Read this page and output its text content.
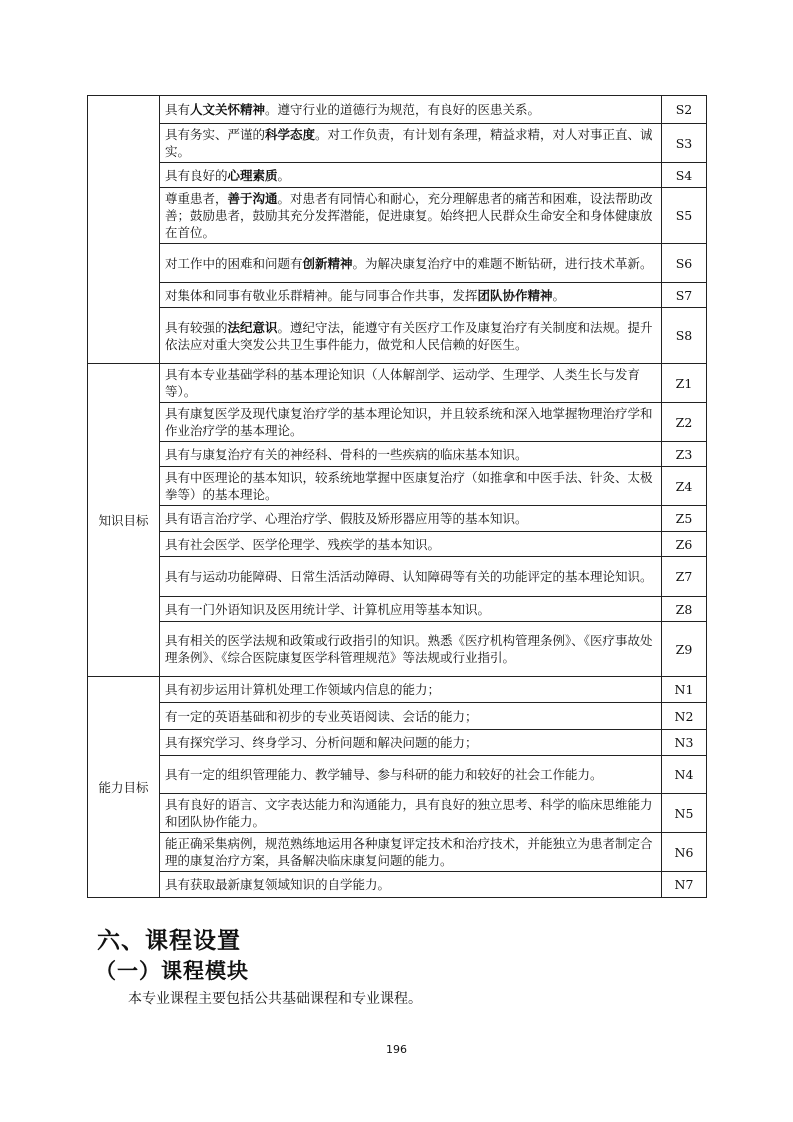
	具有人文关怀精神。遵守行业的道德行为规范，有良好的医患关系。	S2
	具有务实、严谨的科学态度。对工作负责，有计划有条理，精益求精，对人对事正直、诚实。	S3
	具有良好的心理素质。	S4
	尊重患者，善于沟通。对患者有同情心和耐心，充分理解患者的痛苦和困难，设法帮助改善；鼓励患者，鼓励其充分发挥潜能，促进康复。始终把人民群众生命安全和身体健康放在首位。	S5
	对工作中的困难和问题有创新精神。为解决康复治疗中的难题不断钻研，进行技术革新。	S6
	对集体和同事有敬业乐群精神。能与同事合作共事，发挥团队协作精神。	S7
	具有较强的法纪意识。遵纪守法，能遵守有关医疗工作及康复治疗有关制度和法规。提升依法应对重大突发公共卫生事件能力，做党和人民信赖的好医生。	S8
知识目标	具有本专业基础学科的基本理论知识（人体解剖学、运动学、生理学、人类生长与发育等）。	Z1
	具有康复医学及现代康复治疗学的基本理论知识，并且较系统和深入地掌握物理治疗学和作业治疗学的基本理论。	Z2
	具有与康复治疗有关的神经科、骨科的一些疾病的临床基本知识。	Z3
	具有中医理论的基本知识，较系统地掌握中医康复治疗（如推拿和中医手法、针灸、太极拳等）的基本理论。	Z4
	具有语言治疗学、心理治疗学、假肢及矫形器应用等的基本知识。	Z5
	具有社会医学、医学伦理学、残疾学的基本知识。	Z6
	具有与运动功能障碍、日常生活活动障碍、认知障碍等有关的功能评定的基本理论知识。	Z7
	具有一门外语知识及医用统计学、计算机应用等基本知识。	Z8
	具有相关的医学法规和政策或行政指引的知识。熟悉《医疗机构管理条例》、《医疗事故处理条例》、《综合医院康复医学科管理规范》等法规或行业指引。	Z9
能力目标	具有初步运用计算机处理工作领域内信息的能力；	N1
	有一定的英语基础和初步的专业英语阅读、会话的能力；	N2
	具有探究学习、终身学习、分析问题和解决问题的能力；	N3
	具有一定的组织管理能力、教学辅导、参与科研的能力和较好的社会工作能力。	N4
	具有良好的语言、文字表达能力和沟通能力，具有良好的独立思考、科学的临床思维能力和团队协作能力。	N5
	能正确采集病例，规范熟练地运用各种康复评定技术和治疗技术，并能独立为患者制定合理的康复治疗方案，具备解决临床康复问题的能力。	N6
	具有获取最新康复领域知识的自学能力。	N7
六、课程设置
（一）课程模块

本专业课程主要包括公共基础课程和专业课程。

196
